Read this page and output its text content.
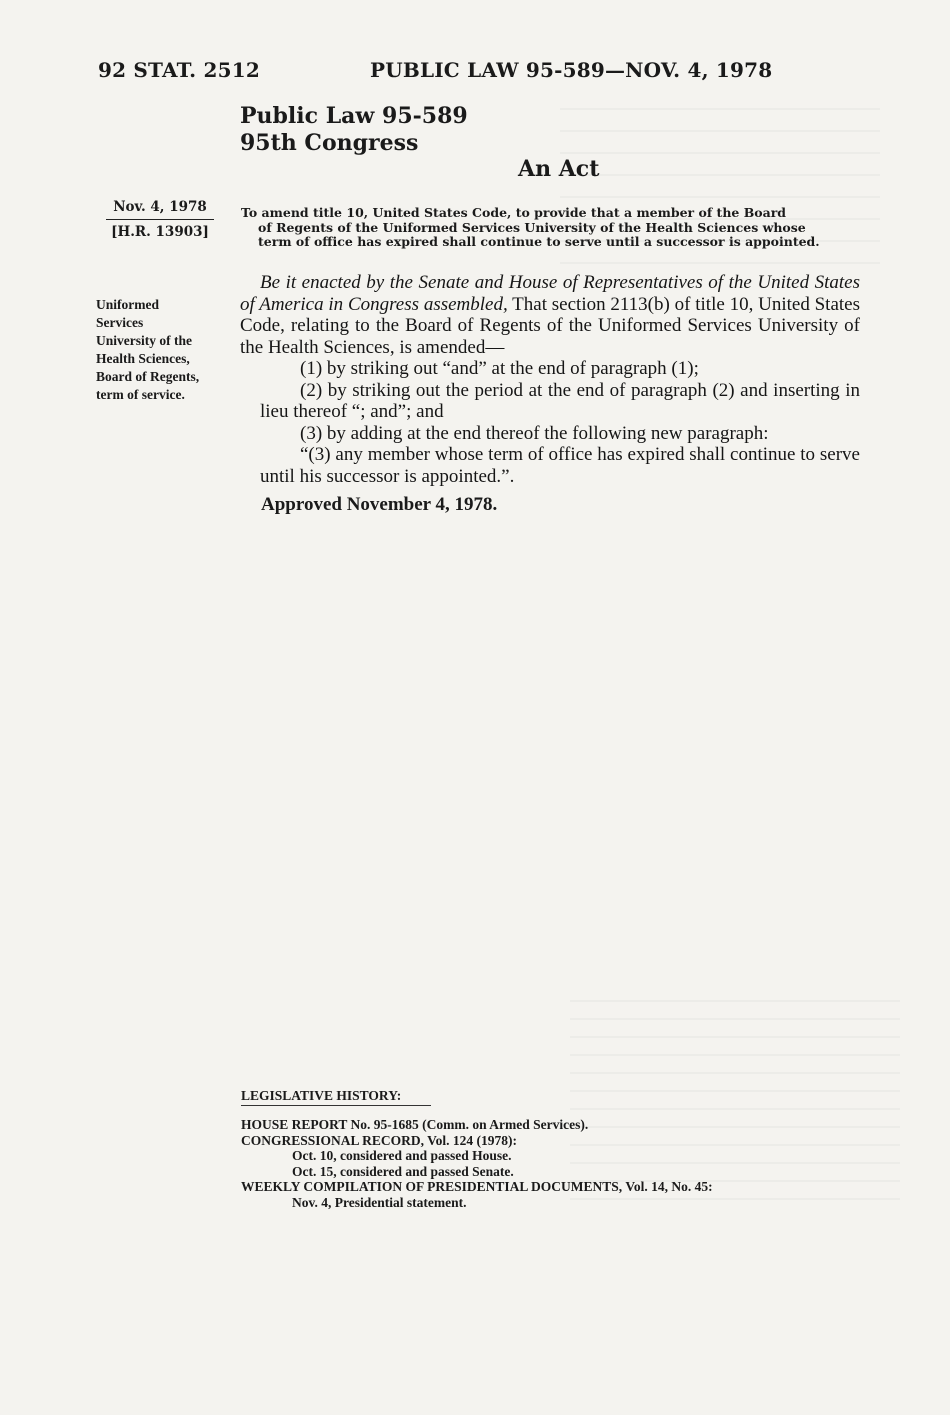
92 STAT. 2512	PUBLIC LAW 95-589—NOV. 4, 1978
Public Law 95-589
95th Congress
An Act
Nov. 4, 1978
[H.R. 13903]
To amend title 10, United States Code, to provide that a member of the Board
of Regents of the Uniformed Services University of the Health Sciences whose
term of office has expired shall continue to serve until a successor is appointed.
Uniformed
Services
University of the
Health Sciences,
Board of Regents,
term of service.
Be it enacted by the Senate and House of Representatives of the United States of America in Congress assembled, That section 2113(b) of title 10, United States Code, relating to the Board of Regents of the Uniformed Services University of the Health Sciences, is amended—
(1) by striking out “and” at the end of paragraph (1);
(2) by striking out the period at the end of paragraph (2) and inserting in lieu thereof “; and”; and
(3) by adding at the end thereof the following new paragraph:
“(3) any member whose term of office has expired shall continue to serve until his successor is appointed.”.
Approved November 4, 1978.
LEGISLATIVE HISTORY:
HOUSE REPORT No. 95-1685 (Comm. on Armed Services).
CONGRESSIONAL RECORD, Vol. 124 (1978):
Oct. 10, considered and passed House.
Oct. 15, considered and passed Senate.
WEEKLY COMPILATION OF PRESIDENTIAL DOCUMENTS, Vol. 14, No. 45:
Nov. 4, Presidential statement.
